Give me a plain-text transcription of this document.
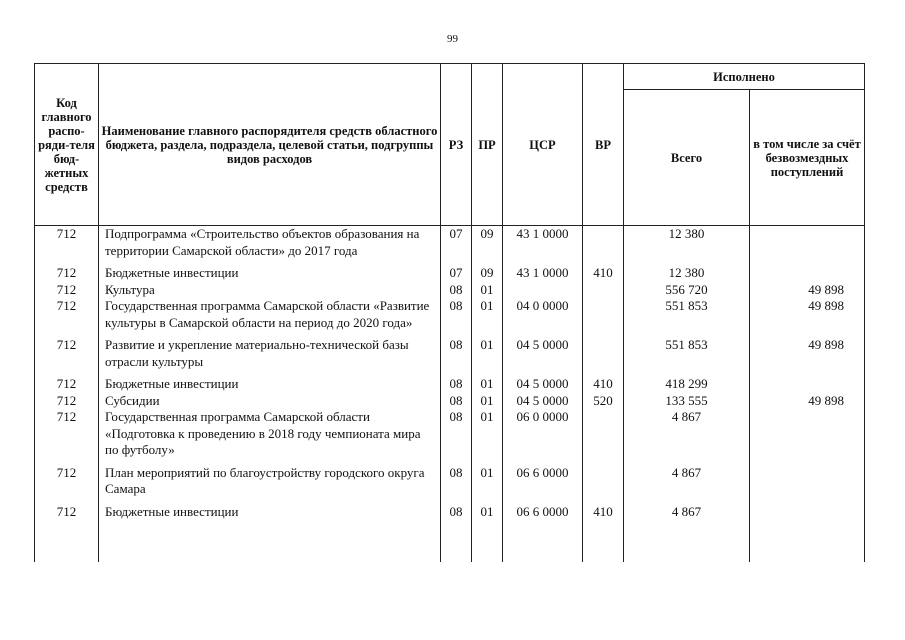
99
Код главного распо-ряди-теля бюд-жетных средств	Наименование главного распорядителя средств областного бюджета, раздела, подраздела, целевой статьи, подгруппы видов расходов	РЗ	ПР	ЦСР	ВР	Исполнено	
						Всего	в том числе за счёт безвозмездных поступлений
712	Подпрограмма «Строительство объектов образования на территории Самарской области» до 2017 года	07	09	43 1 0000		12 380	

712	Бюджетные инвестиции	07	09	43 1 0000	410	12 380	
712	Культура	08	01			556 720	49 898
712	Государственная программа Самарской области «Развитие культуры в Самарской области на период до 2020 года»	08	01	04 0 0000		551 853	49 898

712	Развитие и укрепление материально-технической базы отрасли культуры	08	01	04 5 0000		551 853	49 898

712	Бюджетные инвестиции	08	01	04 5 0000	410	418 299	
712	Субсидии	08	01	04 5 0000	520	133 555	49 898
712	Государственная программа Самарской области «Подготовка к проведению в 2018 году чемпионата мира по футболу»	08	01	06 0 0000		4 867	

712	План мероприятий по благоустройству городского округа Самара	08	01	06 6 0000		4 867	

712	Бюджетные инвестиции	08	01	06 6 0000	410	4 867	
